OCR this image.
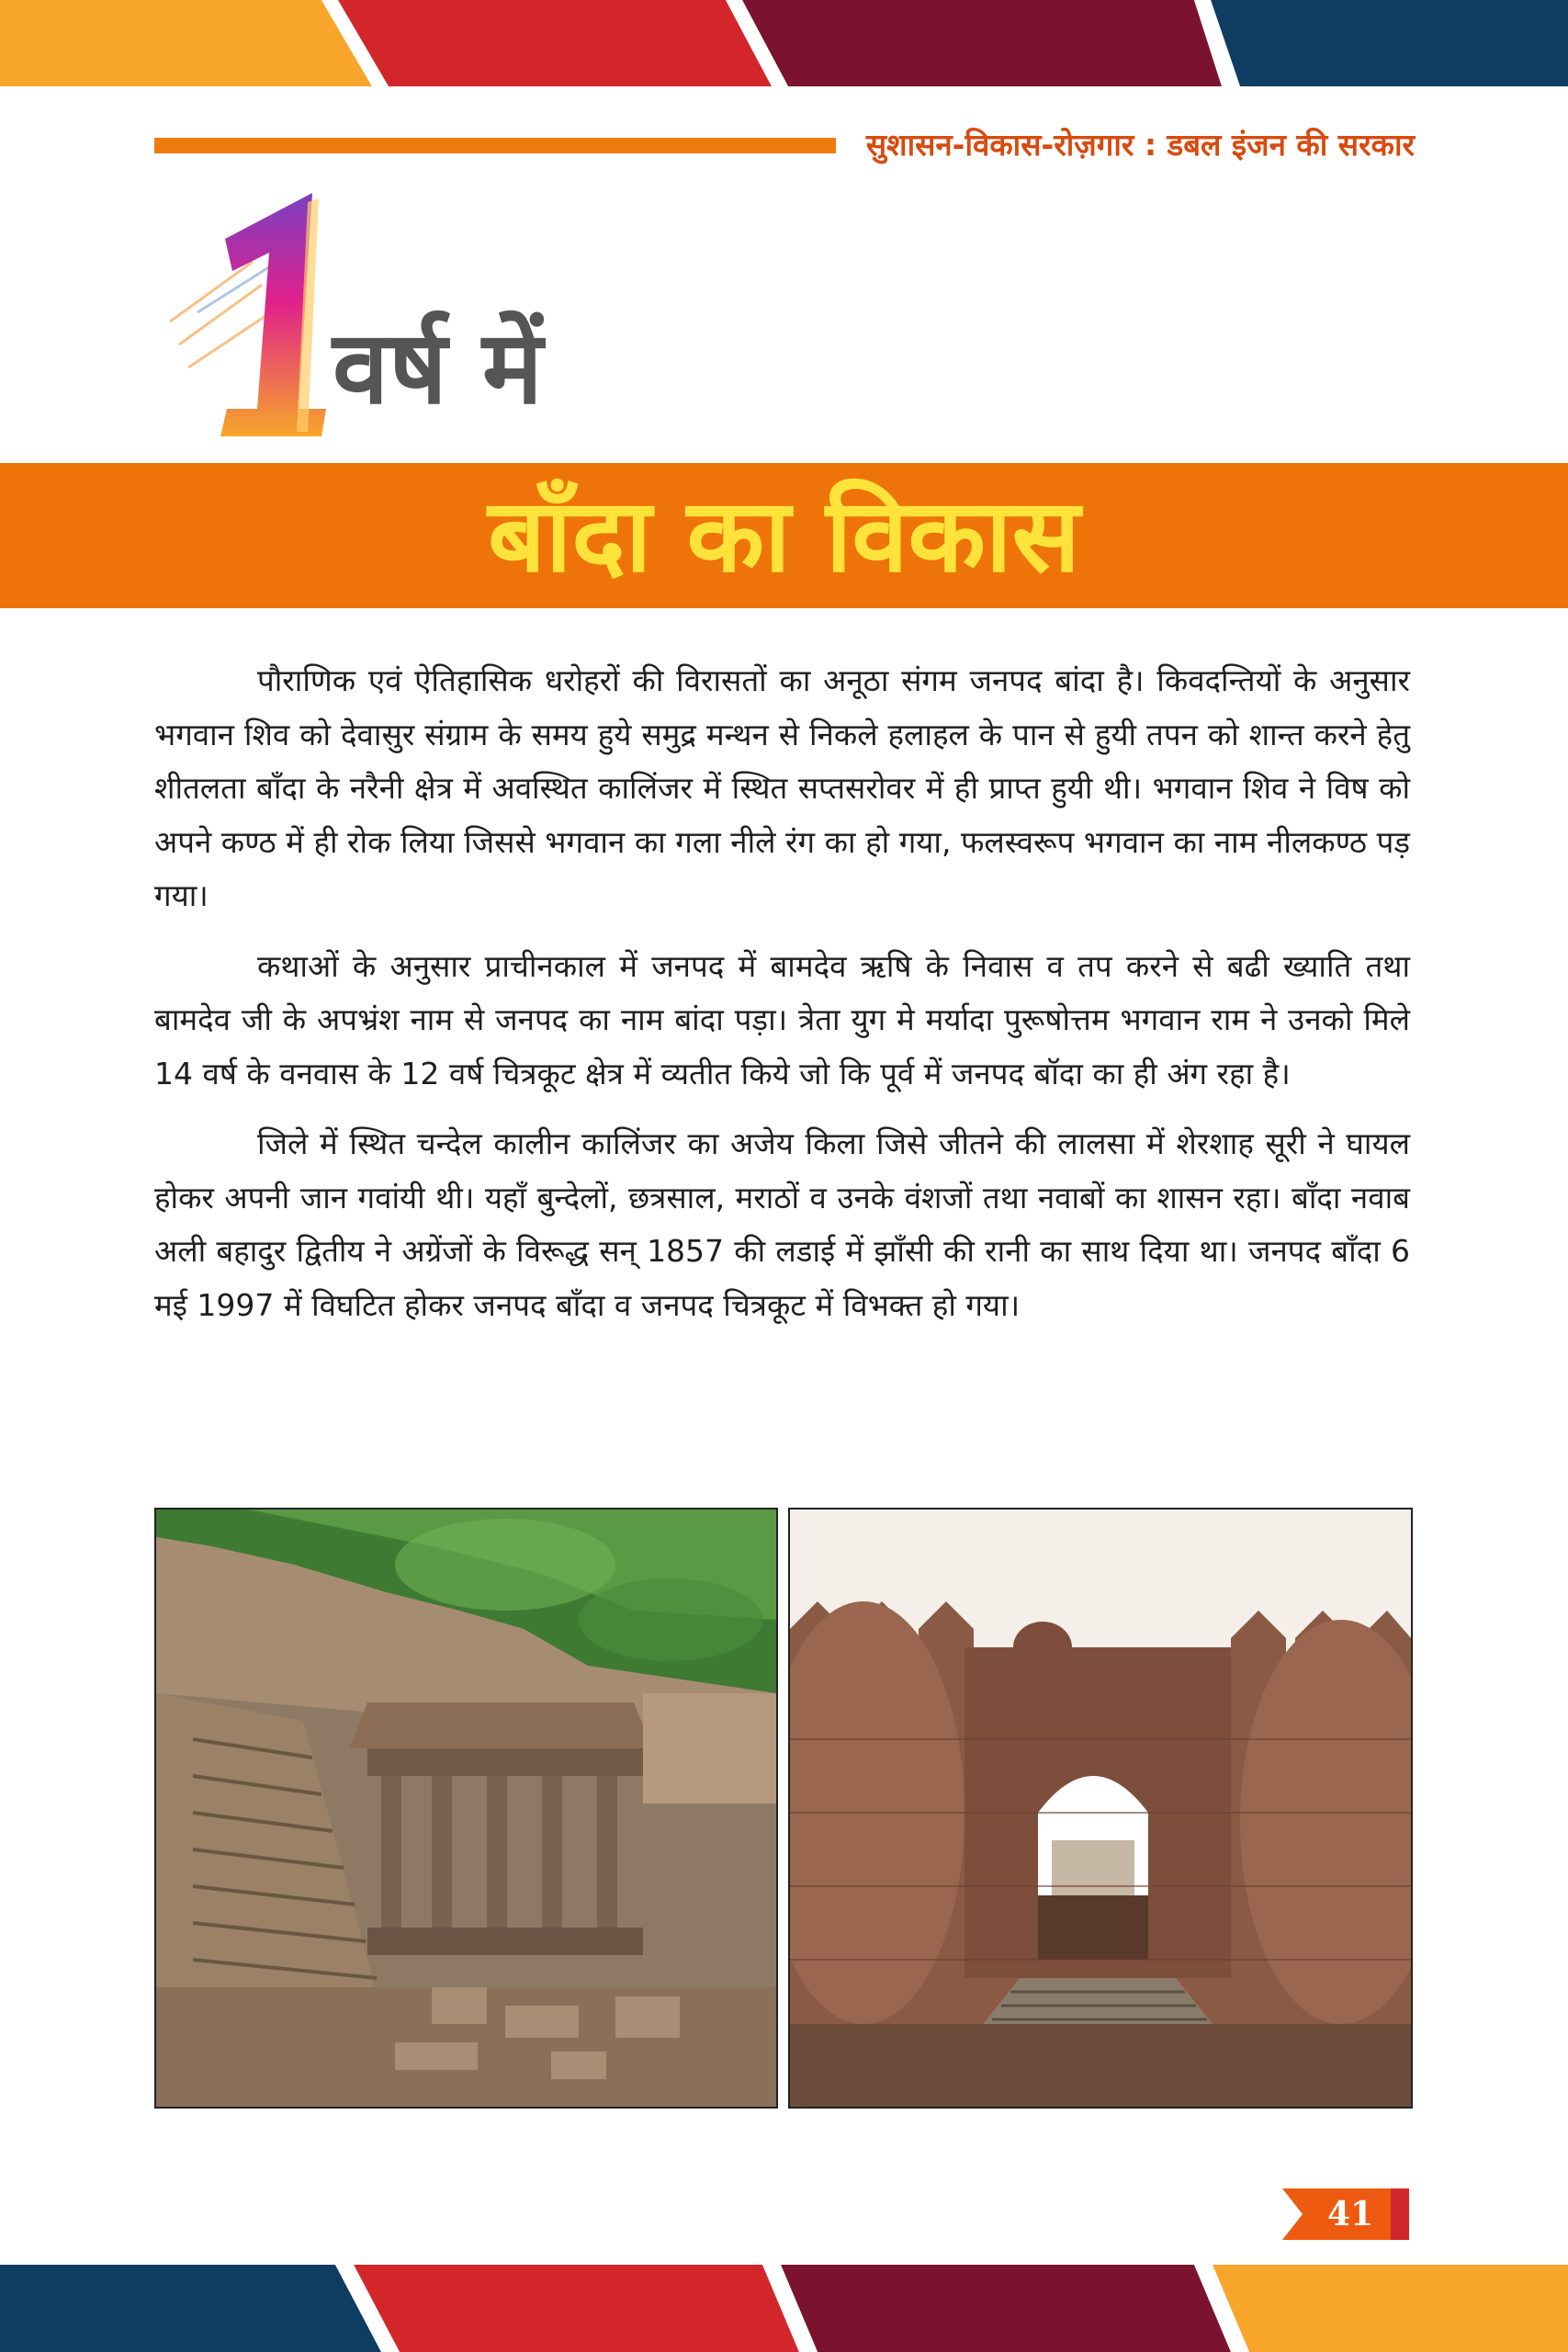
सुशासन-विकास-रोज़गार : डबल इंजन की सरकार
वर्ष में
बाँदा का विकास

पौराणिक एवं ऐतिहासिक धरोहरों की विरासतों का अनूठा संगम जनपद बांदा है। किवदन्तियों के अनुसार भगवान शिव को देवासुर संग्राम के समय हुये समुद्र मन्थन से निकले हलाहल के पान से हुयी तपन को शान्त करने हेतु शीतलता बाँदा के नरैनी क्षेत्र में अवस्थित कालिंजर में स्थित सप्तसरोवर में ही प्राप्त हुयी थी। भगवान शिव ने विष को अपने कण्ठ में ही रोक लिया जिससे भगवान का गला नीले रंग का हो गया, फलस्वरूप भगवान का नाम नीलकण्ठ पड़ गया।

कथाओं के अनुसार प्राचीनकाल में जनपद में बामदेव ऋषि के निवास व तप करने से बढी ख्याति तथा बामदेव जी के अपभ्रंश नाम से जनपद का नाम बांदा पड़ा। त्रेता युग मे मर्यादा पुरूषोत्तम भगवान राम ने उनको मिले 14 वर्ष के वनवास के 12 वर्ष चित्रकूट क्षेत्र में व्यतीत किये जो कि पूर्व में जनपद बॉदा का ही अंग रहा है।

जिले में स्थित चन्देल कालीन कालिंजर का अजेय किला जिसे जीतने की लालसा में शेरशाह सूरी ने घायल होकर अपनी जान गवांयी थी। यहाँ बुन्देलों, छत्रसाल, मराठों व उनके वंशजों तथा नवाबों का शासन रहा। बाँदा नवाब अली बहादुर द्वितीय ने अग्रेंजों के विरूद्ध सन् 1857 की लडाई में झाँसी की रानी का साथ दिया था। जनपद बाँदा 6 मई 1997 में विघटित होकर जनपद बाँदा व जनपद चित्रकूट में विभक्त हो गया।

41
